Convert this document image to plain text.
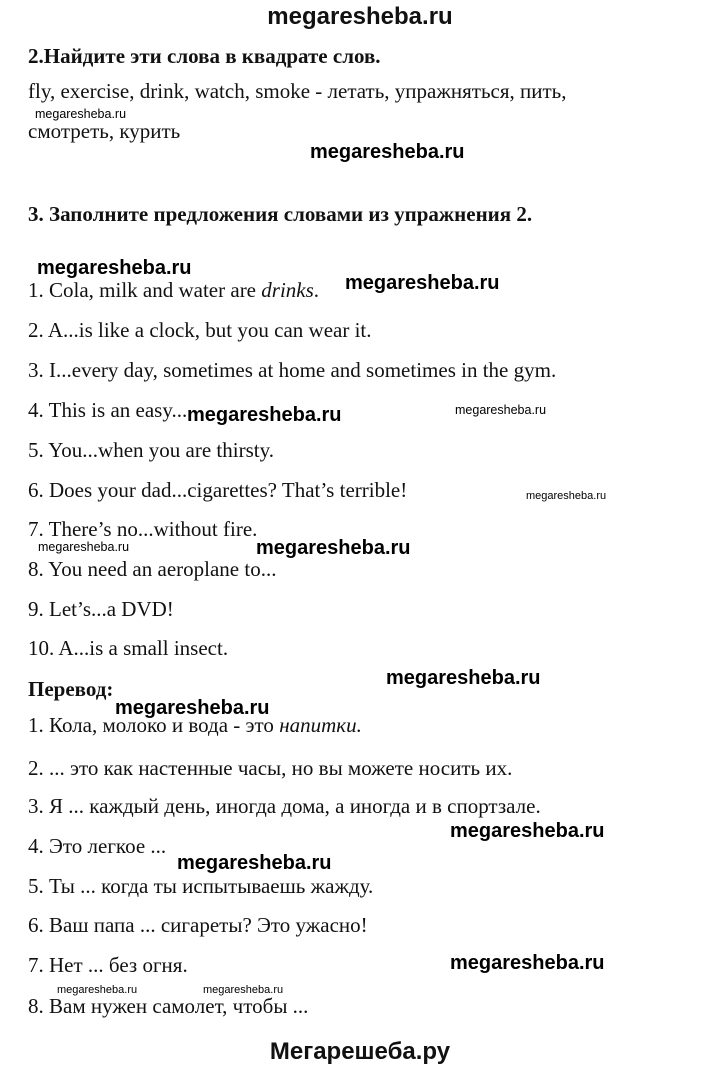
megaresheba.ru
2.Найдите эти слова в квадрате слов.
fly, exercise, drink, watch, smoke - летать, упражняться, пить,
смотреть, курить
3. Заполните предложения словами из упражнения 2.
1. Cola, milk and water are drinks.
2. A...is like a clock, but you can wear it.
3. I...every day, sometimes at home and sometimes in the gym.
4. This is an easy...
5. You...when you are thirsty.
6. Does your dad...cigarettes? That’s terrible!
7. There’s no...without fire.
8. You need an aeroplane to...
9. Let’s...a DVD!
10. A...is a small insect.
Перевод:
1. Кола, молоко и вода - это напитки.
2. ... это как настенные часы, но вы можете носить их.
3. Я ... каждый день, иногда дома, а иногда и в спортзале.
4. Это легкое ...
5. Ты ... когда ты испытываешь жажду.
6. Ваш папа ... сигареты? Это ужасно!
7. Нет ... без огня.
8. Вам нужен самолет, чтобы ...
Мегарешеба.ру
megaresheba.ru
megaresheba.ru
megaresheba.ru
megaresheba.ru
megaresheba.ru	megaresheba.ru
megaresheba.ru
megaresheba.ru	megaresheba.ru
megaresheba.ru
megaresheba.ru
megaresheba.ru
megaresheba.ru
megaresheba.ru
megaresheba.ru	megaresheba.ru
